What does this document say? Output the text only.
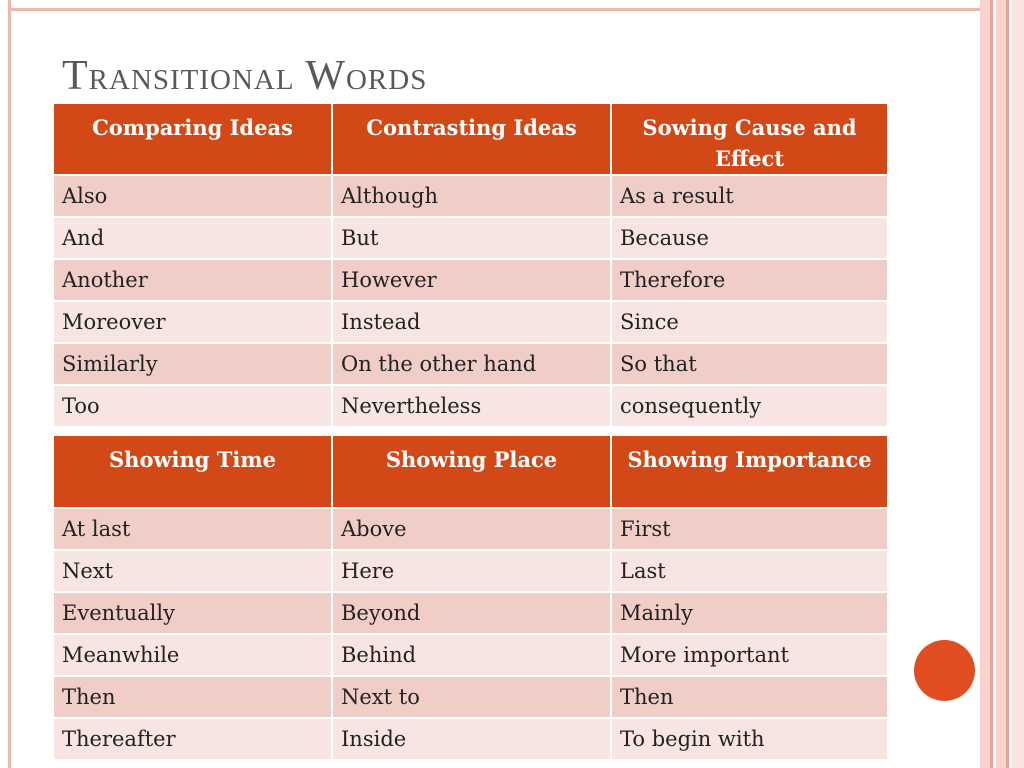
Transitional Words
Comparing Ideas	Contrasting Ideas	Sowing Cause and Effect
Also	Although	As a result
And	But	Because
Another	However	Therefore
Moreover	Instead	Since
Similarly	On the other hand	So that
Too	Nevertheless	consequently
Showing Time	Showing Place	Showing Importance
At last	Above	First
Next	Here	Last
Eventually	Beyond	Mainly
Meanwhile	Behind	More important
Then	Next to	Then
Thereafter	Inside	To begin with
